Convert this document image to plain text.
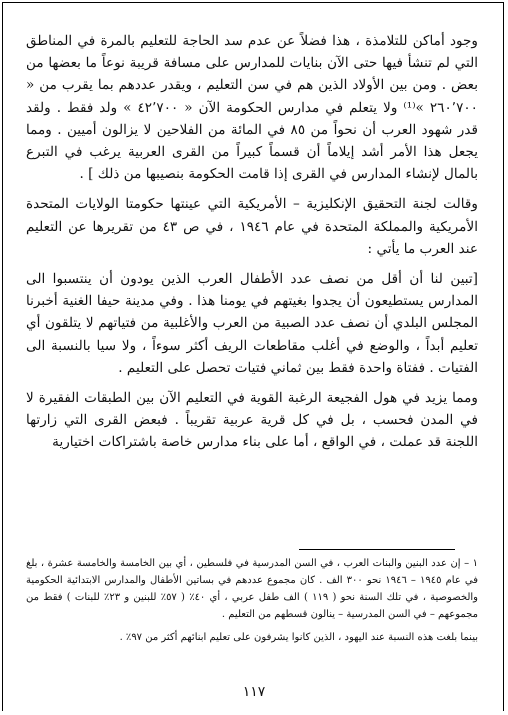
وجود أماكن للتلامذة ، هذا فضلاً عن عدم سد الحاجة للتعليم بالمرة في المناطق التي لم تنشأ فيها حتى الآن بنايات للمدارس على مسافة قريبة نوعاً ما بعضها من بعض . ومن بين الأولاد الذين هم في سن التعليم ، ويقدر عددهم بما يقرب من « ٢٦٠٬٧٠٠ »⁽¹⁾ ولا يتعلم في مدارس الحكومة الآن « ٤٢٬٧٠٠ » ولد فقط . ولقد قدر شهود العرب أن نحواً من ٨٥ في المائة من الفلاحين لا يزالون أميين . ومما يجعل هذا الأمر أشد إيلاماً أن قسماً كبيراً من القرى العربية يرغب في التبرع بالمال لإنشاء المدارس في القرى إذا قامت الحكومة بنصيبها من ذلك ] .

وقالت لجنة التحقيق الإنكليزية – الأمريكية التي عينتها حكومتا الولايات المتحدة الأمريكية والمملكة المتحدة في عام ١٩٤٦ ، في ص ٤٣ من تقريرها عن التعليم عند العرب ما يأتي :

[تبين لنا أن أقل من نصف عدد الأطفال العرب الذين يودون أن ينتسبوا الى المدارس يستطيعون أن يجدوا بغيتهم في يومنا هذا . وفي مدينة حيفا الغنية أخبرنا المجلس البلدي أن نصف عدد الصبية من العرب والأغلبية من فتياتهم لا يتلقون أي تعليم أبداً ، والوضع في أغلب مقاطعات الريف أكثر سوءاً ، ولا سيا بالنسبة الى الفتيات . ففتاة واحدة فقط بين ثماني فتيات تحصل على التعليم .

ومما يزيد في هول الفجيعة الرغبة القوية في التعليم الآن بين الطبقات الفقيرة لا في المدن فحسب ، بل في كل قرية عربية تقريباً . فبعض القرى التي زارتها اللجنة قد عملت ، في الواقع ، أما على بناء مدارس خاصة باشتراكات اختيارية

١ – إن عدد البنين والبنات العرب ، في السن المدرسية في فلسطين ، أي بين الخامسة والخامسة عشرة ، بلغ في عام ١٩٤٥ – ١٩٤٦ نحو ٣٠٠ الف . كان مجموع عددهم في بساتين الأطفال والمدارس الابتدائية الحكومية والخصوصية ، في تلك السنة نحو ( ١١٩ ) الف طفل عربي ، أي ٤٠٪ ( ٥٧٪ للبنين و ٢٣٪ للبنات ) فقط من مجموعهم – في السن المدرسية – ينالون قسطهم من التعليم .

بينما بلغت هذه النسبة عند اليهود ، الذين كانوا يشرفون على تعليم ابنائهم أكثر من ٩٧٪ .

١١٧
